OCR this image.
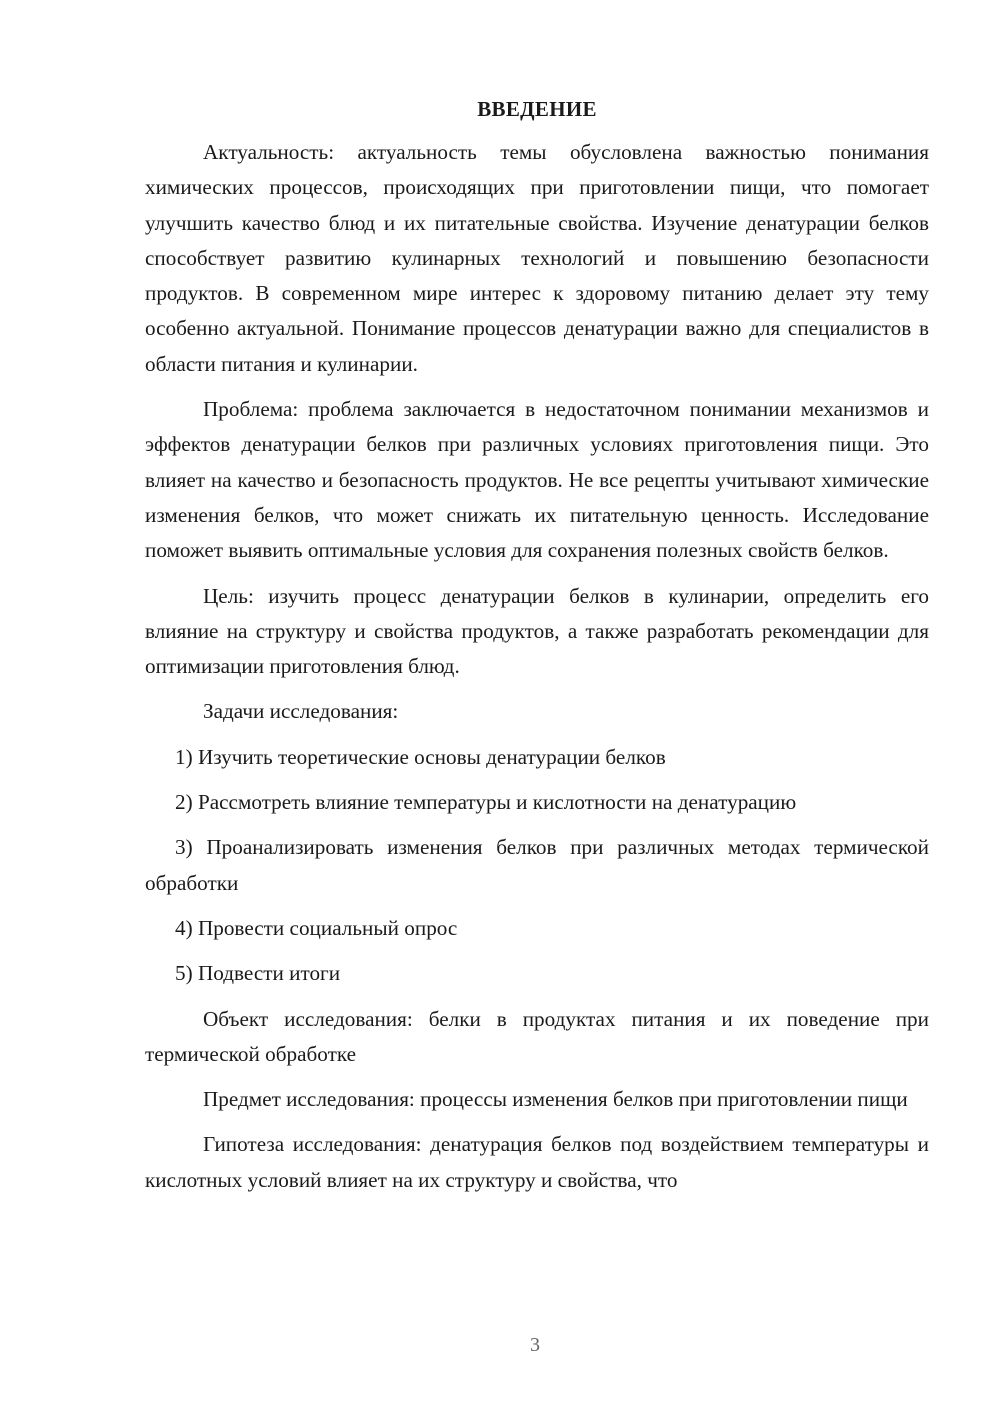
ВВЕДЕНИЕ

Актуальность: актуальность темы обусловлена важностью понимания химических процессов, происходящих при приготовлении пищи, что помогает улучшить качество блюд и их питательные свойства. Изучение денатурации белков способствует развитию кулинарных технологий и повышению безопасности продуктов. В современном мире интерес к здоровому питанию делает эту тему особенно актуальной. Понимание процессов денатурации важно для специалистов в области питания и кулинарии.

Проблема: проблема заключается в недостаточном понимании механизмов и эффектов денатурации белков при различных условиях приготовления пищи. Это влияет на качество и безопасность продуктов. Не все рецепты учитывают химические изменения белков, что может снижать их питательную ценность. Исследование поможет выявить оптимальные условия для сохранения полезных свойств белков.

Цель: изучить процесс денатурации белков в кулинарии, определить его влияние на структуру и свойства продуктов, а также разработать рекомендации для оптимизации приготовления блюд.

Задачи исследования:

1) Изучить теоретические основы денатурации белков

2) Рассмотреть влияние температуры и кислотности на денатурацию

3) Проанализировать изменения белков при различных методах термической обработки

4) Провести социальный опрос

5) Подвести итоги

Объект исследования: белки в продуктах питания и их поведение при термической обработке

Предмет исследования: процессы изменения белков при приготовлении пищи

Гипотеза исследования: денатурация белков под воздействием температуры и кислотных условий влияет на их структуру и свойства, что

3
